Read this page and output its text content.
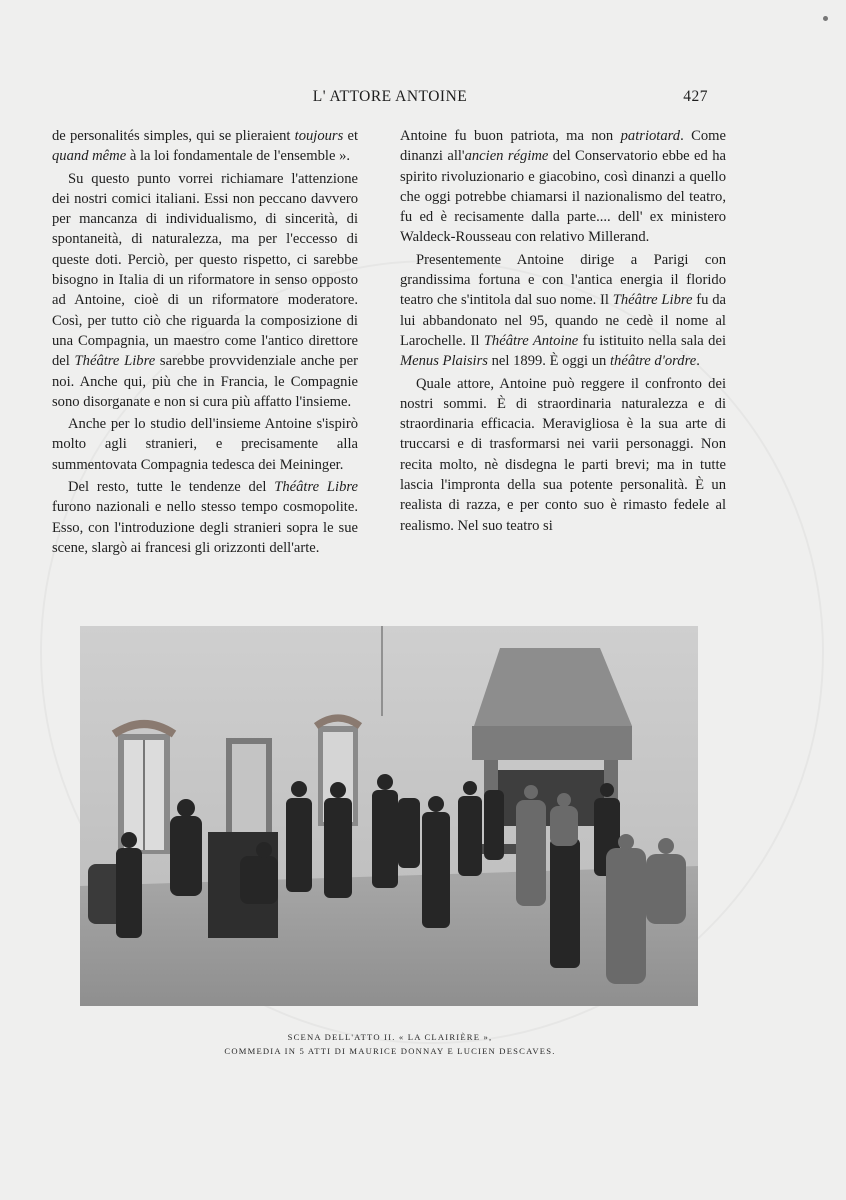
L' ATTORE ANTOINE	427

de personalités simples, qui se plieraient toujours et quand même à la loi fondamentale de l'ensemble ».

Su questo punto vorrei richiamare l'attenzione dei nostri comici italiani. Essi non peccano davvero per mancanza di individualismo, di sincerità, di spontaneità, di naturalezza, ma per l'eccesso di queste doti. Perciò, per questo rispetto, ci sarebbe bisogno in Italia di un riformatore in senso opposto ad Antoine, cioè di un riformatore moderatore. Così, per tutto ciò che riguarda la composizione di una Compagnia, un maestro come l'antico direttore del Théâtre Libre sarebbe provvidenziale anche per noi. Anche qui, più che in Francia, le Compagnie sono disorganate e non si cura più affatto l'insieme.

Anche per lo studio dell'insieme Antoine s'ispirò molto agli stranieri, e precisamente alla summentovata Compagnia tedesca dei Meininger.

Del resto, tutte le tendenze del Théâtre Libre furono nazionali e nello stesso tempo cosmopolite. Esso, con l'introduzione degli stranieri sopra le sue scene, slargò ai francesi gli orizzonti dell'arte.

Antoine fu buon patriota, ma non patriotard. Come dinanzi all'ancien régime del Conservatorio ebbe ed ha spirito rivoluzionario e giacobino, così dinanzi a quello che oggi potrebbe chiamarsi il nazionalismo del teatro, fu ed è recisamente dalla parte.... dell' ex ministero Waldeck-Rousseau con relativo Millerand.

Presentemente Antoine dirige a Parigi con grandissima fortuna e con l'antica energia il florido teatro che s'intitola dal suo nome. Il Théâtre Libre fu da lui abbandonato nel 95, quando ne cedè il nome al Larochelle. Il Théâtre Antoine fu istituito nella sala dei Menus Plaisirs nel 1899. È oggi un théâtre d'ordre.

Quale attore, Antoine può reggere il confronto dei nostri sommi. È di straordinaria naturalezza e di straordinaria efficacia. Meravigliosa è la sua arte di truccarsi e di trasformarsi nei varii personaggi. Non recita molto, nè disdegna le parti brevi; ma in tutte lascia l'impronta della sua potente personalità. È un realista di razza, e per conto suo è rimasto fedele al realismo. Nel suo teatro si

SCENA DELL'ATTO II. « LA CLAIRIÈRE »,
COMMEDIA IN 5 ATTI DI MAURICE DONNAY E LUCIEN DESCAVES.
